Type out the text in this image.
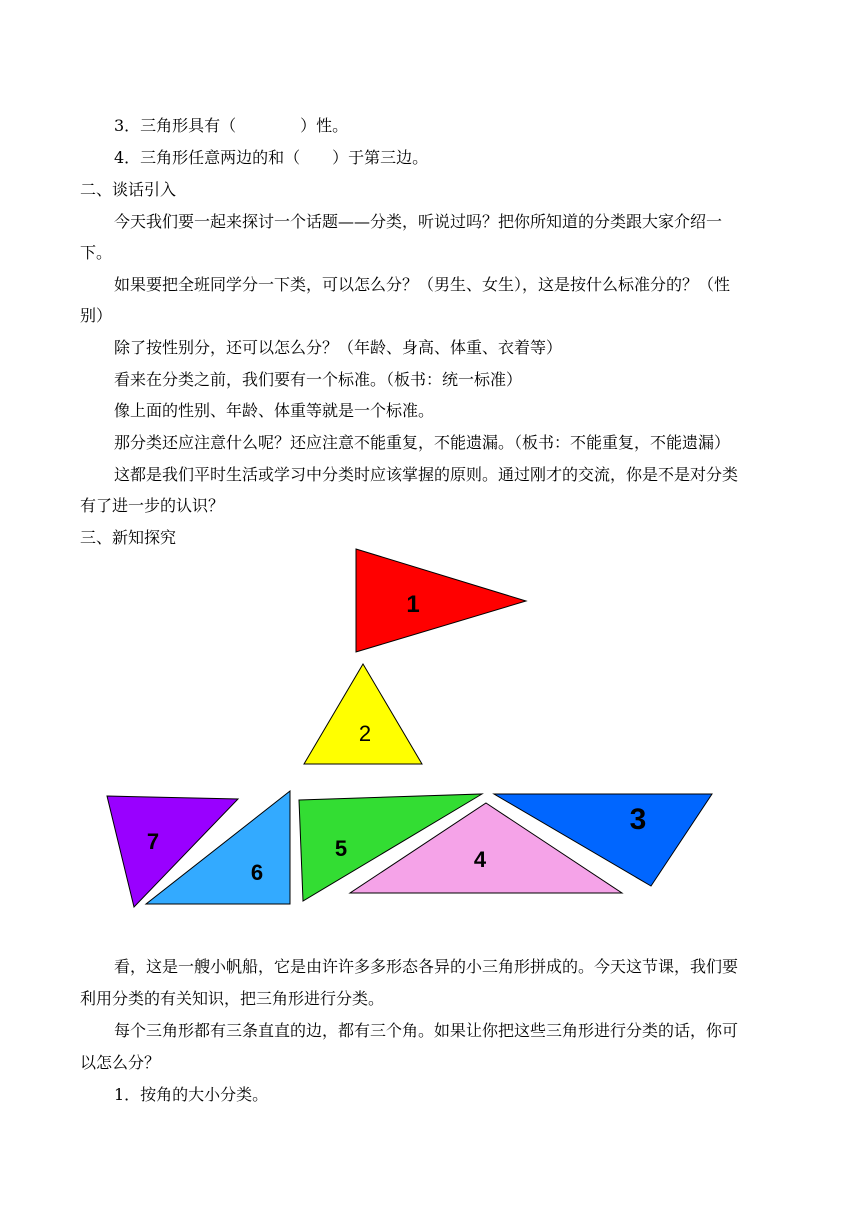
3．三角形具有（　　　　）性。
4．三角形任意两边的和（　　）于第三边。
二、谈话引入
今天我们要一起来探讨一个话题——分类，听说过吗？把你所知道的分类跟大家介绍一
下。
如果要把全班同学分一下类，可以怎么分？（男生、女生），这是按什么标准分的？（性
别）
除了按性别分，还可以怎么分？（年龄、身高、体重、衣着等）
看来在分类之前，我们要有一个标准。（板书：统一标准）
像上面的性别、年龄、体重等就是一个标准。
那分类还应注意什么呢？还应注意不能重复，不能遗漏。（板书：不能重复，不能遗漏）
这都是我们平时生活或学习中分类时应该掌握的原则。通过刚才的交流，你是不是对分类
有了进一步的认识？
三、新知探究
1
2
3
4
5
6
7
看，这是一艘小帆船，它是由许许多多形态各异的小三角形拼成的。今天这节课，我们要
利用分类的有关知识，把三角形进行分类。
每个三角形都有三条直直的边，都有三个角。如果让你把这些三角形进行分类的话，你可
以怎么分？
1．按角的大小分类。
